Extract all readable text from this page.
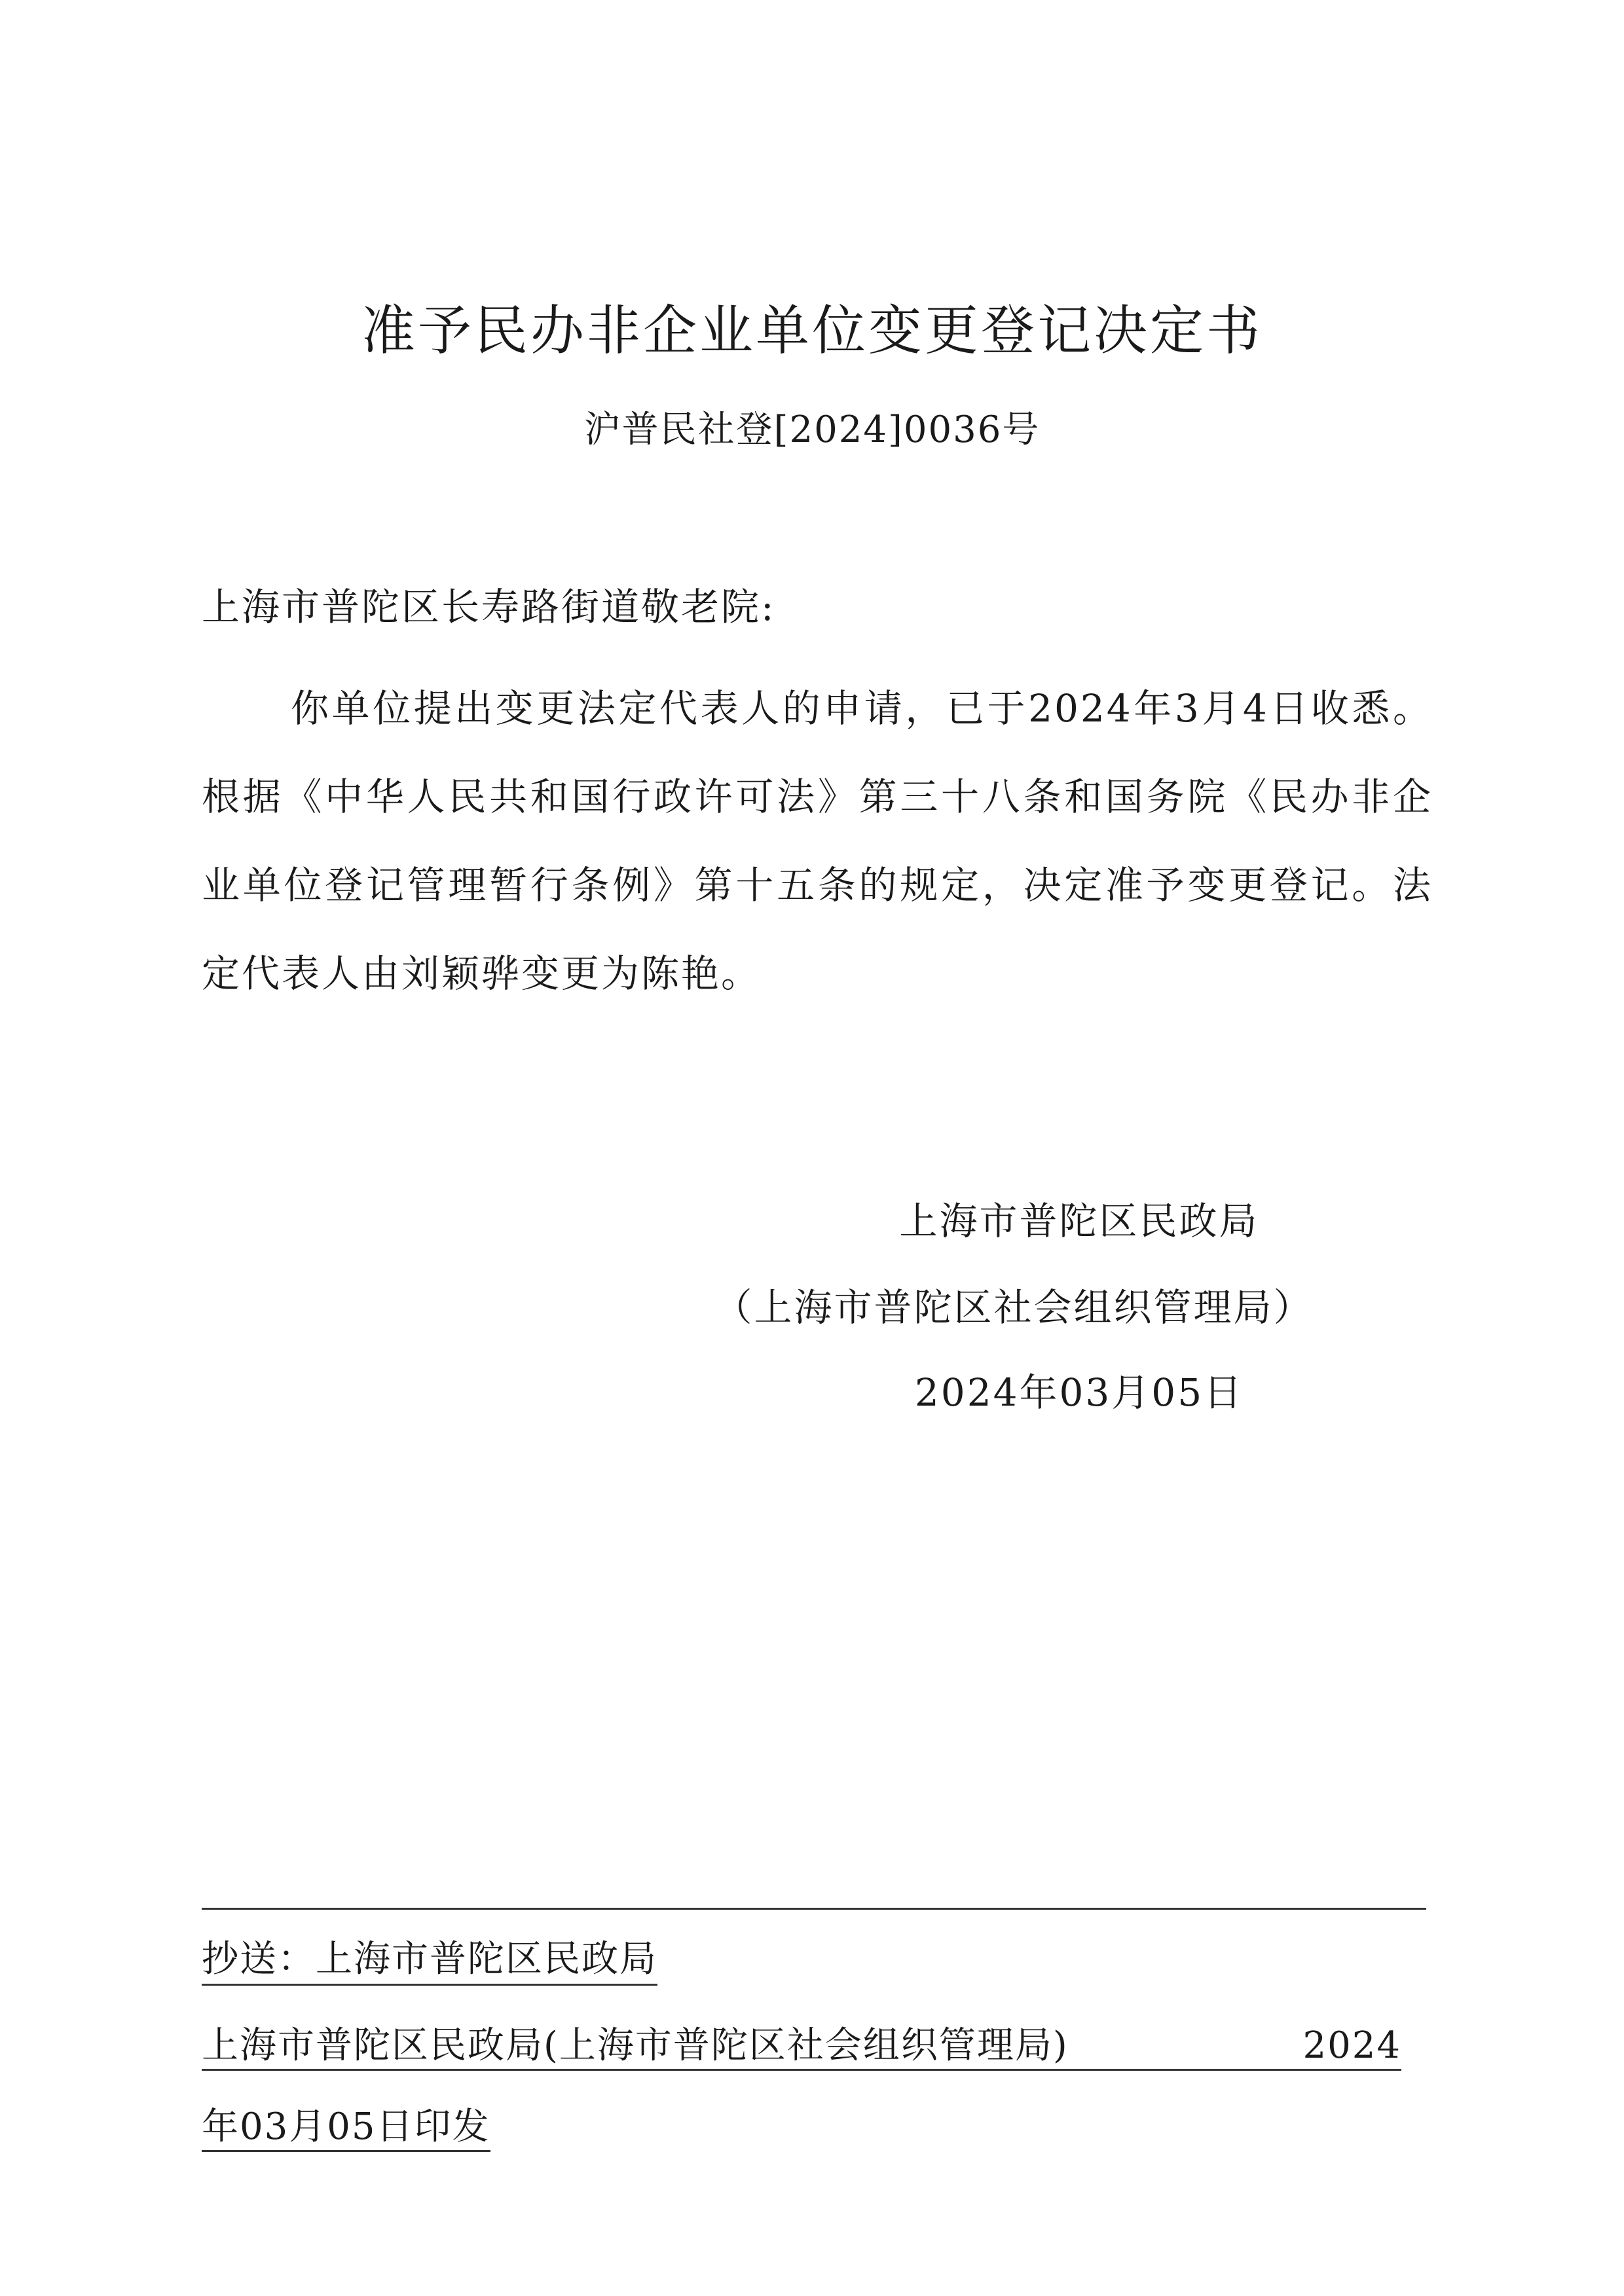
准予民办非企业单位变更登记决定书
沪普民社登[2024]0036号
上海市普陀区长寿路街道敬老院:
你单位提出变更法定代表人的申请，已于2024年3月4日收悉。根据《中华人民共和国行政许可法》第三十八条和国务院《民办非企业单位登记管理暂行条例》第十五条的规定，决定准予变更登记。法定代表人由刘颖骅变更为陈艳。
上海市普陀区民政局
（上海市普陀区社会组织管理局）
2024年03月05日
抄送：上海市普陀区民政局
上海市普陀区民政局(上海市普陀区社会组织管理局)	2024
年03月05日印发
